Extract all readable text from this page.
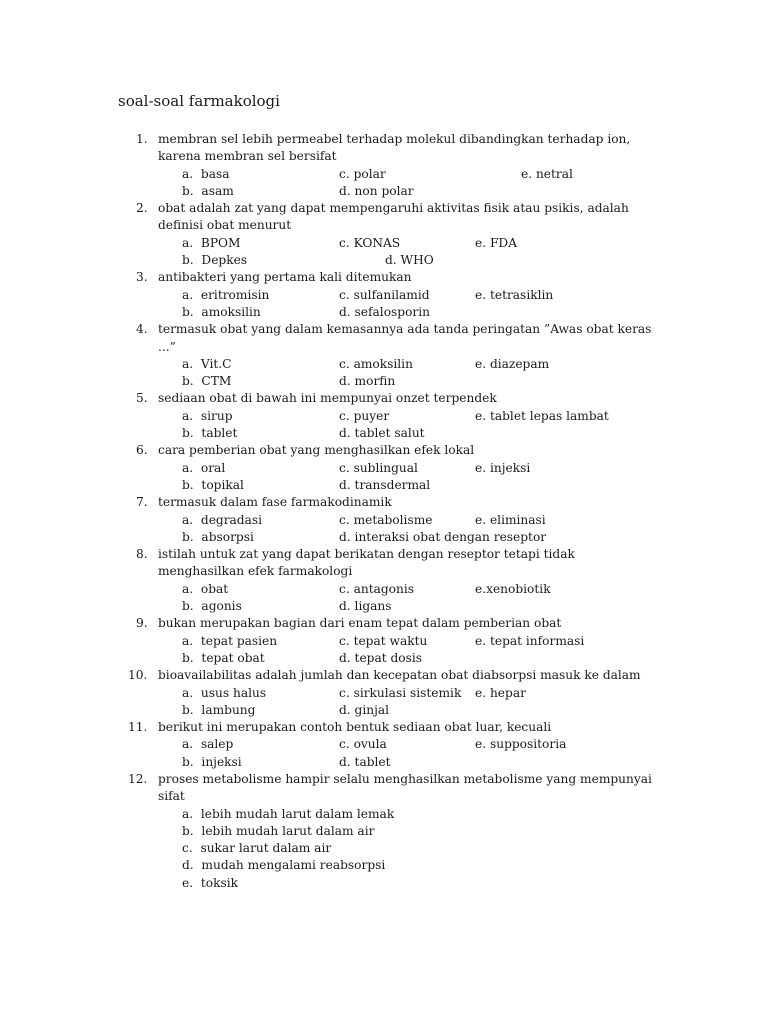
soal-soal farmakologi
1. membran sel lebih permeabel terhadap molekul dibandingkan terhadap ion, karena membran sel bersifat
a.  basa	c. polar	e. netral
b.  asam	d. non polar
2. obat adalah zat yang dapat mempengaruhi aktivitas fisik atau psikis, adalah definisi obat menurut
a.  BPOM	c. KONAS	e. FDA
b.  Depkes	d. WHO
3. antibakteri yang pertama kali ditemukan
a.  eritromisin	c. sulfanilamid	e. tetrasiklin
b.  amoksilin	d. sefalosporin
4. termasuk obat yang dalam kemasannya ada tanda peringatan ”Awas obat keras ...”
a.  Vit.C	c. amoksilin	e. diazepam
b.  CTM	d. morfin
5. sediaan obat di bawah ini mempunyai onzet terpendek
a.  sirup	c. puyer	e. tablet lepas lambat
b.  tablet	d. tablet salut
6. cara pemberian obat yang menghasilkan efek lokal
a.  oral	c. sublingual	e. injeksi
b.  topikal	d. transdermal
7. termasuk dalam fase farmakodinamik
a.  degradasi	c. metabolisme	e. eliminasi
b.  absorpsi	d. interaksi obat dengan reseptor
8. istilah untuk zat yang dapat berikatan dengan reseptor tetapi tidak menghasilkan efek farmakologi
a.  obat	c. antagonis	e.xenobiotik
b.  agonis	d. ligans
9. bukan merupakan bagian dari enam tepat dalam pemberian obat
a.  tepat pasien	c. tepat waktu	e. tepat informasi
b.  tepat obat	d. tepat dosis
10. bioavailabilitas adalah jumlah dan kecepatan obat diabsorpsi masuk ke dalam
a.  usus halus	c. sirkulasi sistemik e. hepar
b.  lambung	d. ginjal
11. berikut ini merupakan contoh bentuk sediaan obat luar, kecuali
a.  salep	c. ovula	e. suppositoria
b.  injeksi	d. tablet
12. proses metabolisme hampir selalu menghasilkan metabolisme yang mempunyai sifat
a.  lebih mudah larut dalam lemak
b.  lebih mudah larut dalam air
c.  sukar larut dalam air
d.  mudah mengalami reabsorpsi
e.  toksik
